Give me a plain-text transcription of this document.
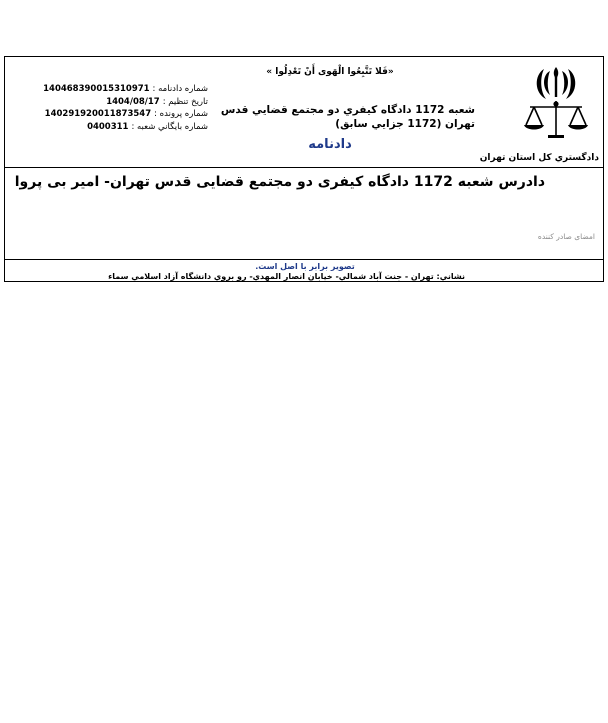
دادگستري كل استان تهران
«فَلا تَتَّبِعُوا الْهَوى أَنْ تَعْدِلُوا »
شعبه 1172 دادگاه كيفري دو مجتمع قضايي قدس تهران (1172 جزايي سابق)
دادنامه
شماره دادنامه : 140468390015310971
تاريخ تنظيم : 1404/08/17
شماره پرونده : 140291920011873547
شماره بايگاني شعبه : 0400311
دادرس شعبه 1172 دادگاه کیفری دو مجتمع قضایی قدس تهران- امیر بی پروا
امضای صادر کننده
تصوير برابر با اصل است.
نشاني: تهران - جنت آباد شمالي- خيابان انصار المهدي- رو بروي دانشگاه آزاد اسلامي سماء
